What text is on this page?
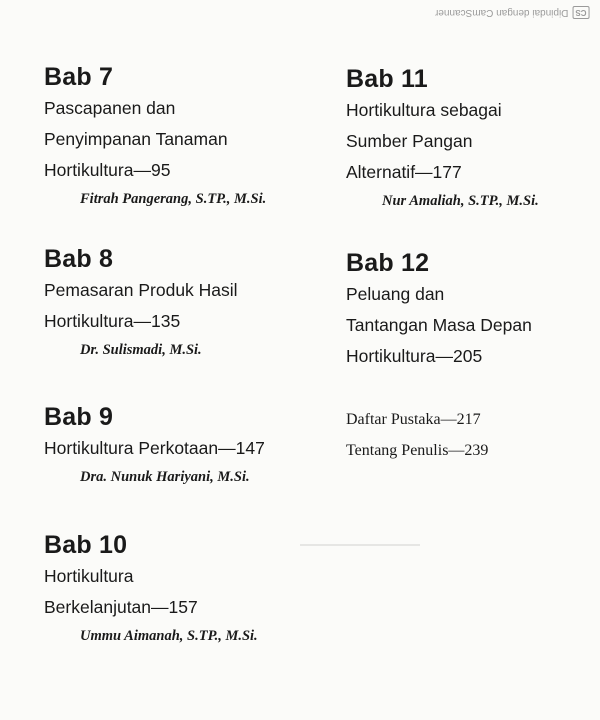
CS
Dipindai dengan CamScanner

Bab 7

Pascapanen dan

Penyimpanan Tanaman

Hortikultura—95

Fitrah Pangerang, S.TP., M.Si.

Bab 8

Pemasaran Produk Hasil

Hortikultura—135

Dr. Sulismadi, M.Si.

Bab 9

Hortikultura Perkotaan—147

Dra. Nunuk Hariyani, M.Si.

Bab 10

Hortikultura

Berkelanjutan—157

Ummu Aimanah, S.TP., M.Si.

Bab 11

Hortikultura sebagai

Sumber Pangan

Alternatif—177

Nur Amaliah, S.TP., M.Si.

Bab 12

Peluang dan

Tantangan Masa Depan

Hortikultura—205

Daftar Pustaka—217

Tentang Penulis—239
